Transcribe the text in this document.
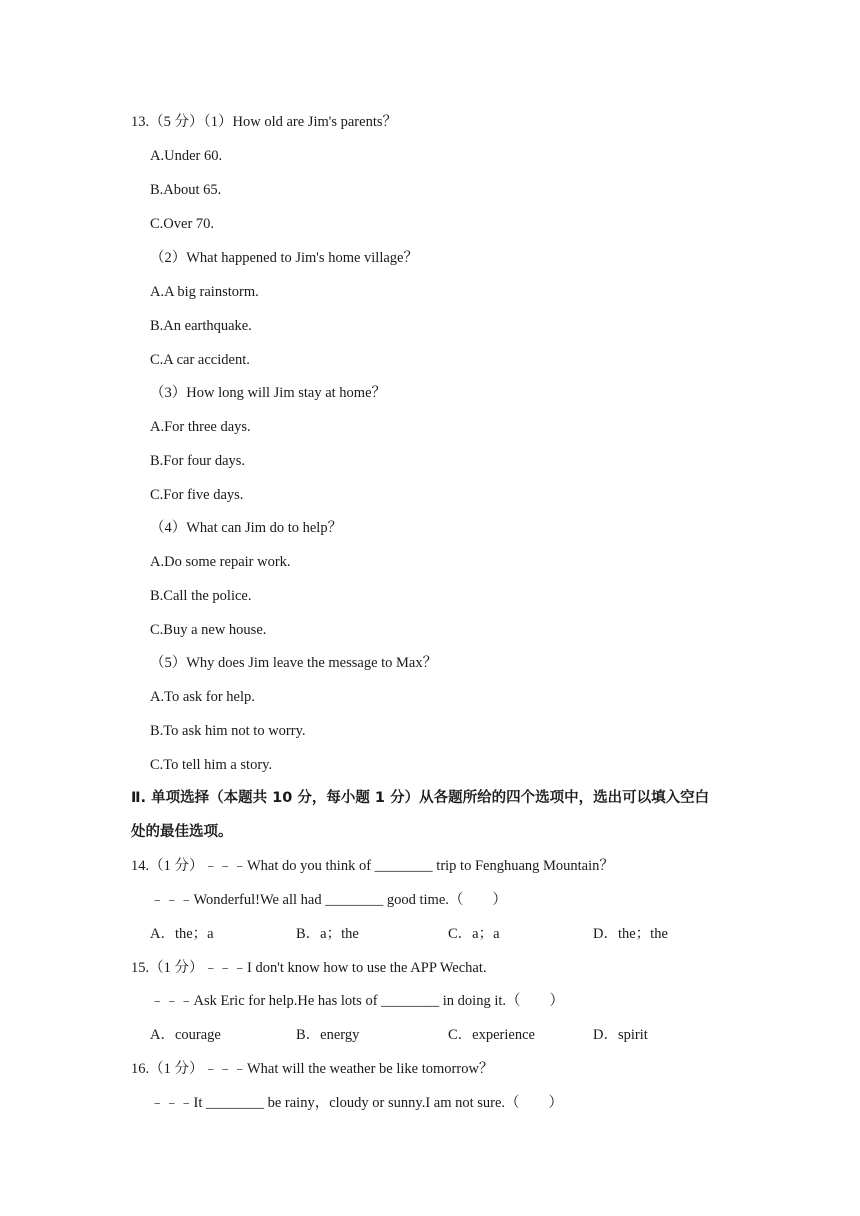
13.（5 分）（1）How old are Jim's parents？
A.Under 60.
B.About 65.
C.Over 70.
（2）What happened to Jim's home village？
A.A big rainstorm.
B.An earthquake.
C.A car accident.
（3）How long will Jim stay at home？
A.For three days.
B.For four days.
C.For five days.
（4）What can Jim do to help？
A.Do some repair work.
B.Call the police.
C.Buy a new house.
（5）Why does Jim leave the message to Max？
A.To ask for help.
B.To ask him not to worry.
C.To tell him a story.
Ⅱ. 单项选择（本题共 10 分，每小题 1 分）从各题所给的四个选项中，选出可以填入空白
处的最佳选项。
14.（1 分）﹣﹣﹣What do you think of ________ trip to Fenghuang Mountain？
﹣﹣﹣Wonderful!We all had ________ good time.（　　）
A．the；a	B．a；the	C．a；a	D．the；the
15.（1 分）﹣﹣﹣I don't know how to use the APP Wechat.
﹣﹣﹣Ask Eric for help.He has lots of ________ in doing it.（　　）
A．courage	B．energy	C．experience	D．spirit
16.（1 分）﹣﹣﹣What will the weather be like tomorrow？
﹣﹣﹣It ________ be rainy，cloudy or sunny.I am not sure.（　　）
